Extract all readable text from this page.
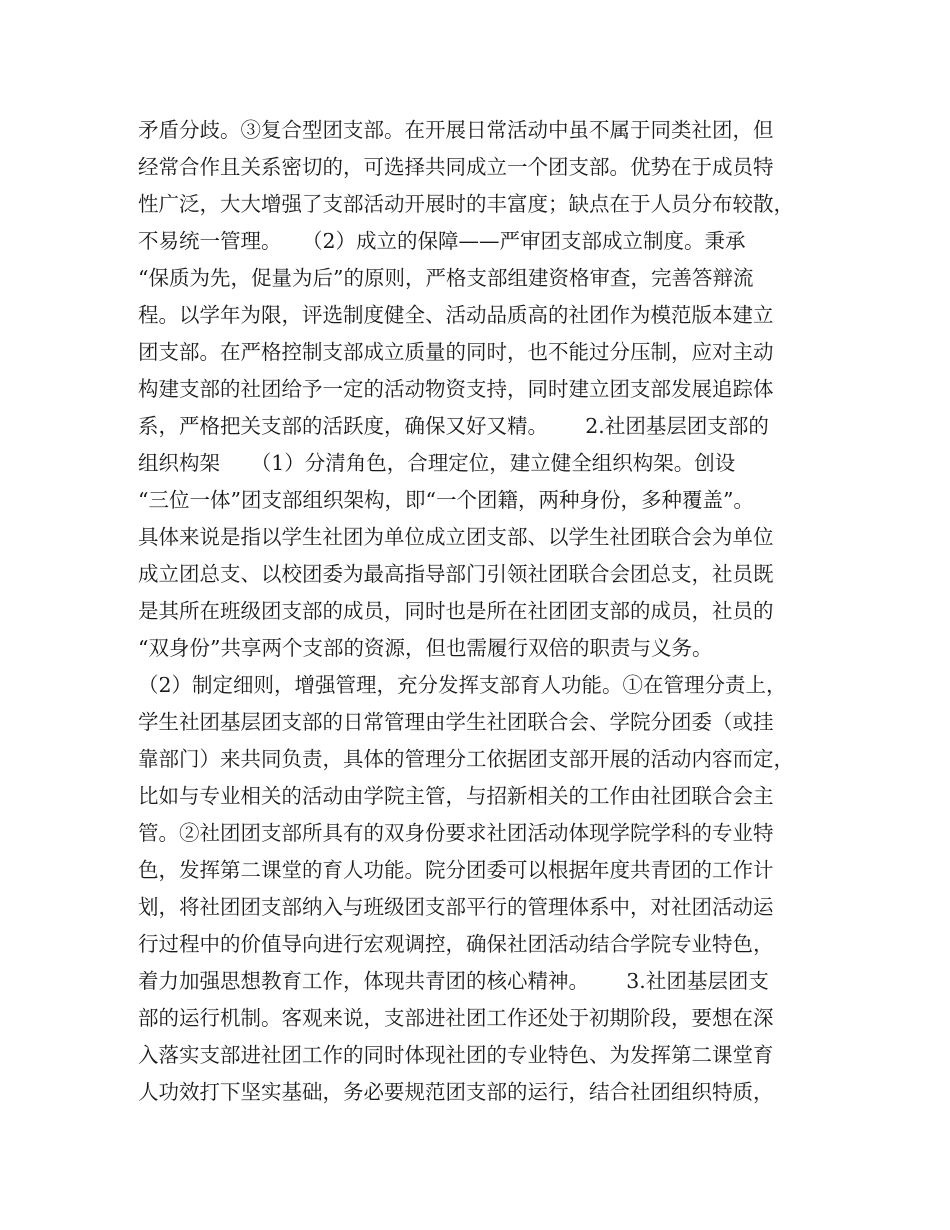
矛盾分歧。③复合型团支部。在开展日常活动中虽不属于同类社团，但
经常合作且关系密切的，可选择共同成立一个团支部。优势在于成员特
性广泛，大大增强了支部活动开展时的丰富度；缺点在于人员分布较散，
不易统一管理。　　（2）成立的保障——严审团支部成立制度。秉承
“保质为先，促量为后”的原则，严格支部组建资格审查，完善答辩流
程。以学年为限，评选制度健全、活动品质高的社团作为模范版本建立
团支部。在严格控制支部成立质量的同时，也不能过分压制，应对主动
构建支部的社团给予一定的活动物资支持，同时建立团支部发展追踪体
系，严格把关支部的活跃度，确保又好又精。　　 2.社团基层团支部的
组织构架　　（1）分清角色，合理定位，建立健全组织构架。创设
“三位一体”团支部组织架构，即“一个团籍，两种身份，多种覆盖”。
具体来说是指以学生社团为单位成立团支部、以学生社团联合会为单位
成立团总支、以校团委为最高指导部门引领社团联合会团总支，社员既
是其所在班级团支部的成员，同时也是所在社团团支部的成员，社员的
“双身份”共享两个支部的资源，但也需履行双倍的职责与义务。
（2）制定细则，增强管理，充分发挥支部育人功能。①在管理分责上，
学生社团基层团支部的日常管理由学生社团联合会、学院分团委（或挂
靠部门）来共同负责，具体的管理分工依据团支部开展的活动内容而定，
比如与专业相关的活动由学院主管，与招新相关的工作由社团联合会主
管。②社团团支部所具有的双身份要求社团活动体现学院学科的专业特
色，发挥第二课堂的育人功能。院分团委可以根据年度共青团的工作计
划，将社团团支部纳入与班级团支部平行的管理体系中，对社团活动运
行过程中的价值导向进行宏观调控，确保社团活动结合学院专业特色，
着力加强思想教育工作，体现共青团的核心精神。　　 3.社团基层团支
部的运行机制。客观来说，支部进社团工作还处于初期阶段，要想在深
入落实支部进社团工作的同时体现社团的专业特色、为发挥第二课堂育
人功效打下坚实基础，务必要规范团支部的运行，结合社团组织特质，
